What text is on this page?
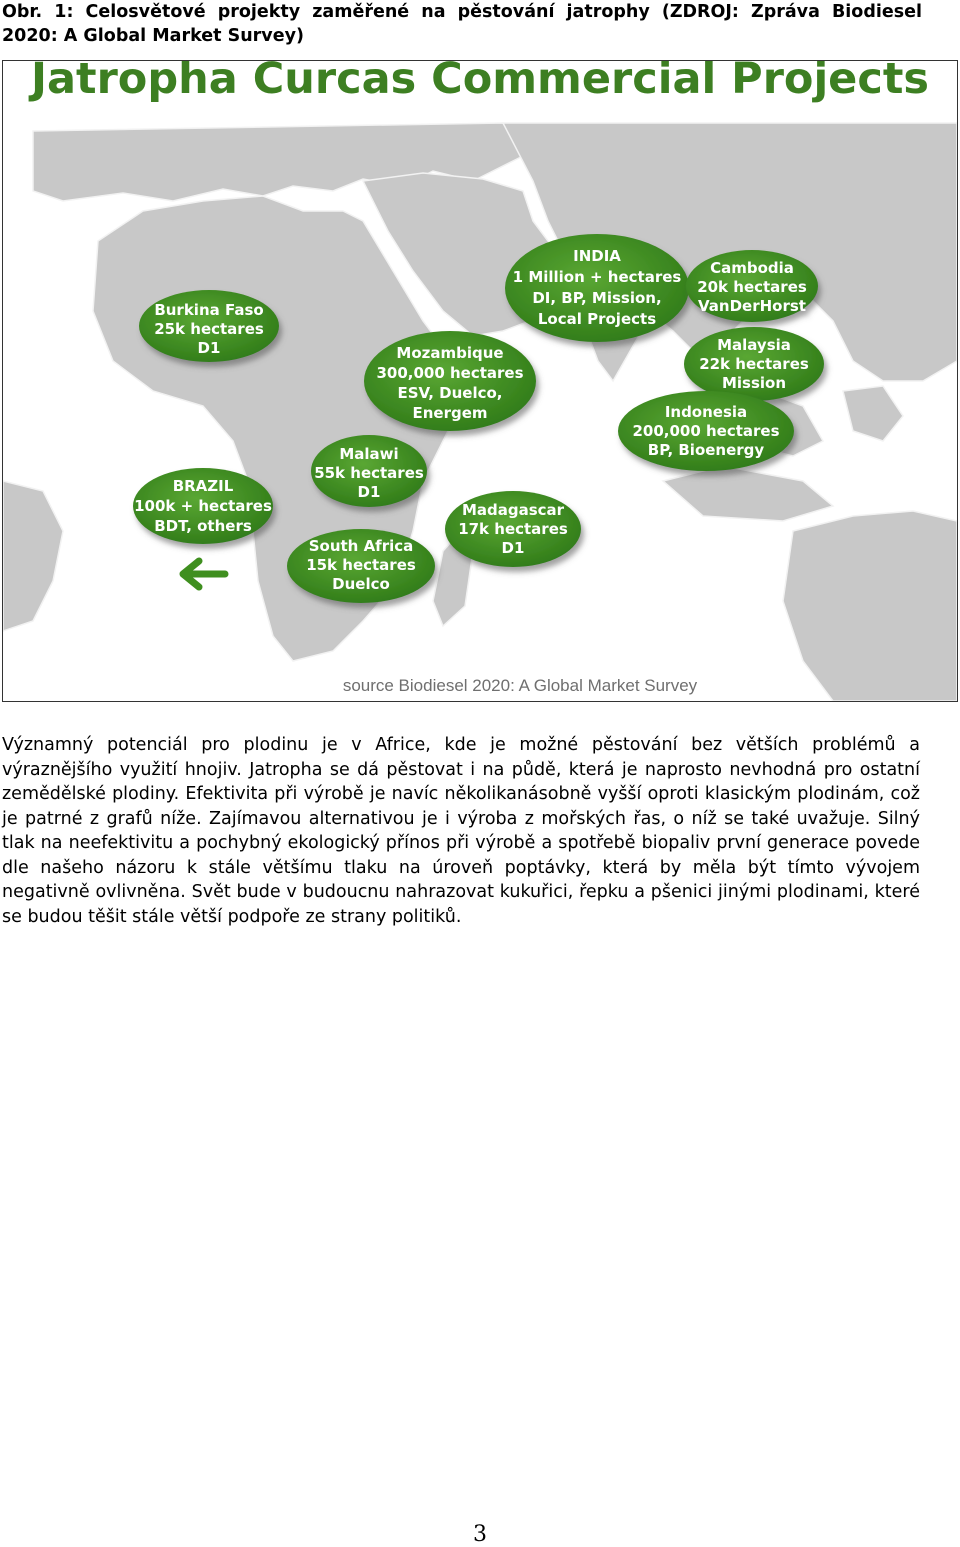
Obr. 1: Celosvětové projekty zaměřené na pěstování jatrophy (ZDROJ: Zpráva Biodiesel 2020: A Global Market Survey)
Jatropha Curcas Commercial Projects
Burkina Faso
25k hectares
D1	Mozambique
300,000 hectares
ESV, Duelco,
Energem
Malawi
55k hectares
D1
BRAZIL
100k + hectares
BDT, others
South Africa
15k hectares
Duelco
Madagascar
17k hectares
D1
INDIA
1 Million + hectares
DI, BP, Mission,
Local Projects
Cambodia
20k hectares
VanDerHorst
Malaysia
22k hectares
Mission
Indonesia
200,000 hectares
BP, Bioenergy
source Biodiesel 2020: A Global Market Survey
Významný potenciál pro plodinu je v Africe, kde je možné pěstování bez větších problémů a výraznějšího využití hnojiv. Jatropha se dá pěstovat i na půdě, která je naprosto nevhodná pro ostatní zemědělské plodiny. Efektivita při výrobě je navíc několikanásobně vyšší oproti klasickým plodinám, což je patrné z grafů níže. Zajímavou alternativou je i výroba z mořských řas, o níž se také uvažuje. Silný tlak na neefektivitu a pochybný ekologický přínos při výrobě a spotřebě biopaliv první generace povede dle našeho názoru k stále většímu tlaku na úroveň poptávky, která by měla být tímto vývojem negativně ovlivněna. Svět bude v budoucnu nahrazovat kukuřici, řepku a pšenici jinými plodinami, které se budou těšit stále větší podpoře ze strany politiků.
3
